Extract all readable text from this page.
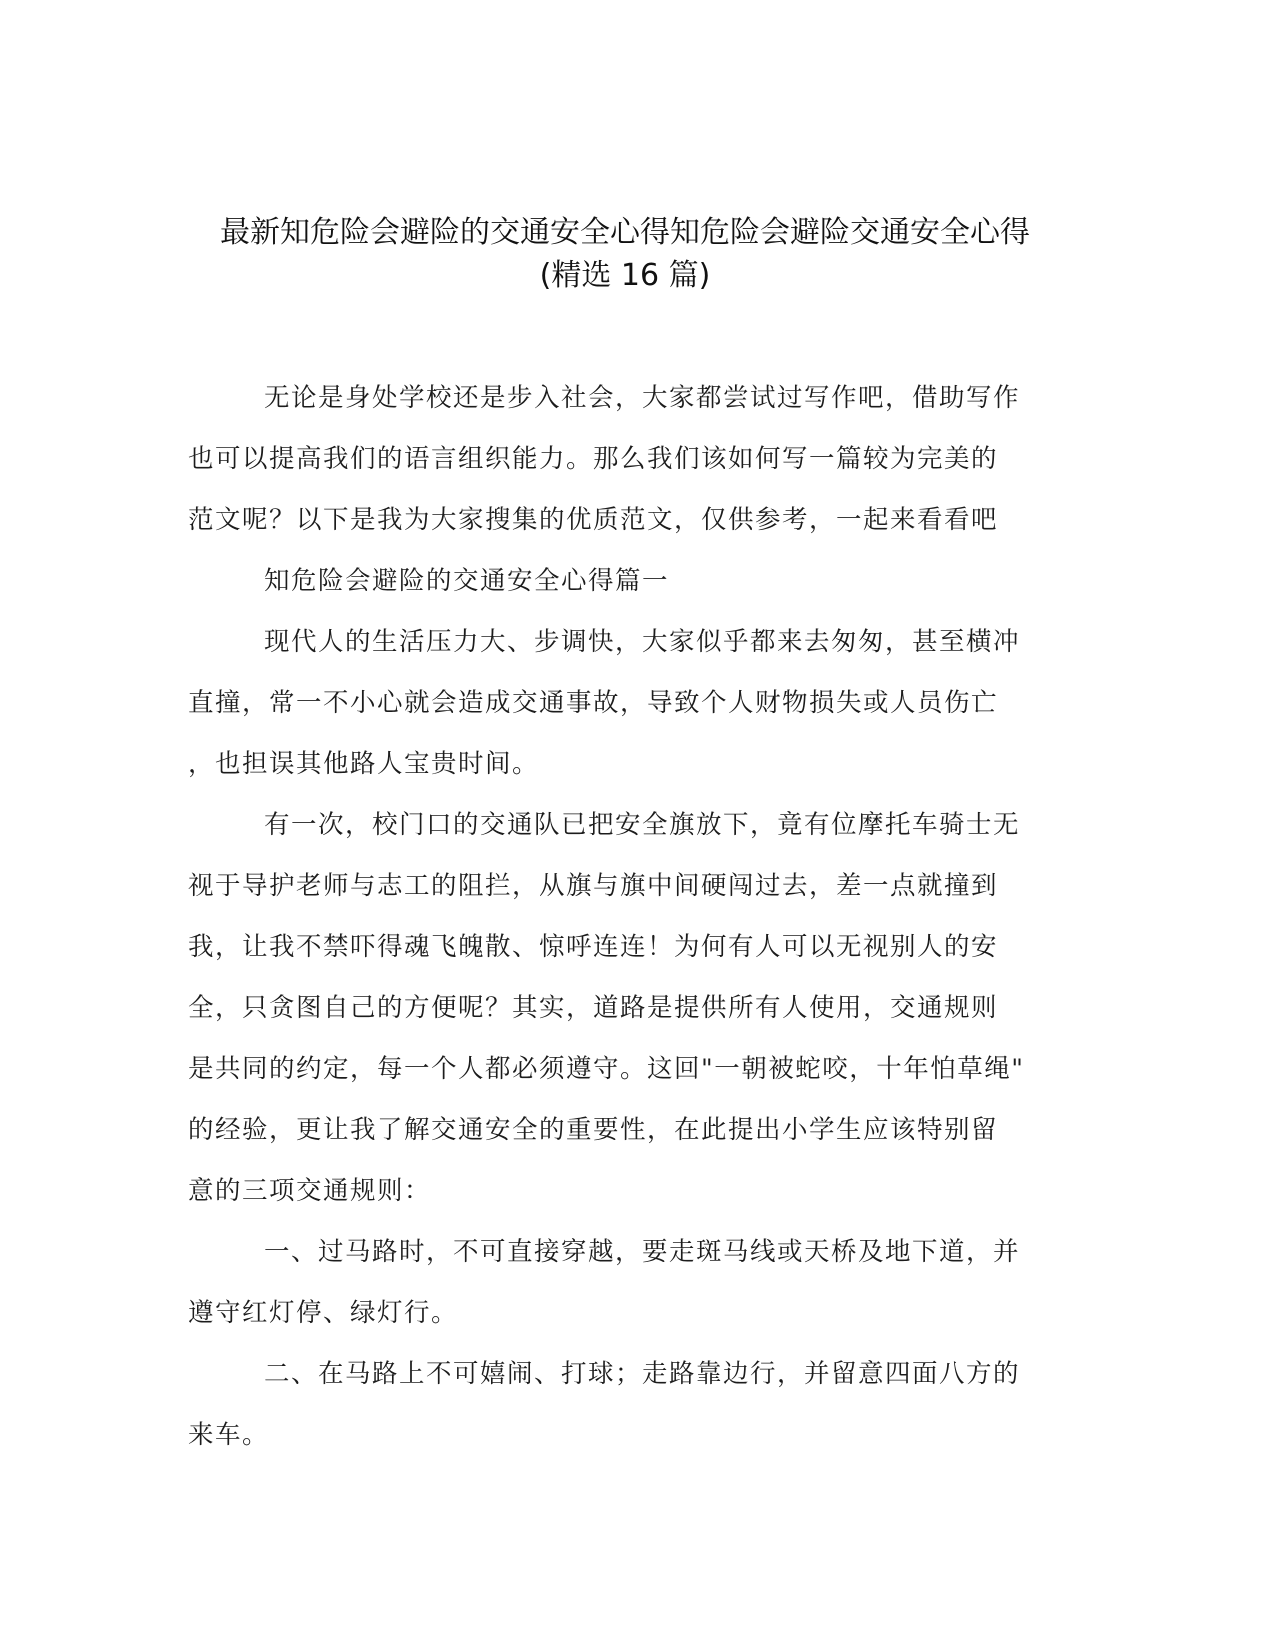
最新知危险会避险的交通安全心得知危险会避险交通安全心得
(精选 16 篇)
无论是身处学校还是步入社会，大家都尝试过写作吧，借助写作
也可以提高我们的语言组织能力。那么我们该如何写一篇较为完美的
范文呢？以下是我为大家搜集的优质范文，仅供参考，一起来看看吧
知危险会避险的交通安全心得篇一
现代人的生活压力大、步调快，大家似乎都来去匆匆，甚至横冲
直撞，常一不小心就会造成交通事故，导致个人财物损失或人员伤亡
，也担误其他路人宝贵时间。
有一次，校门口的交通队已把安全旗放下，竟有位摩托车骑士无
视于导护老师与志工的阻拦，从旗与旗中间硬闯过去，差一点就撞到
我，让我不禁吓得魂飞魄散、惊呼连连！为何有人可以无视别人的安
全，只贪图自己的方便呢？其实，道路是提供所有人使用，交通规则
是共同的约定，每一个人都必须遵守。这回"一朝被蛇咬，十年怕草绳"
的经验，更让我了解交通安全的重要性，在此提出小学生应该特别留
意的三项交通规则：
一、过马路时，不可直接穿越，要走斑马线或天桥及地下道，并
遵守红灯停、绿灯行。
二、在马路上不可嬉闹、打球；走路靠边行，并留意四面八方的
来车。
